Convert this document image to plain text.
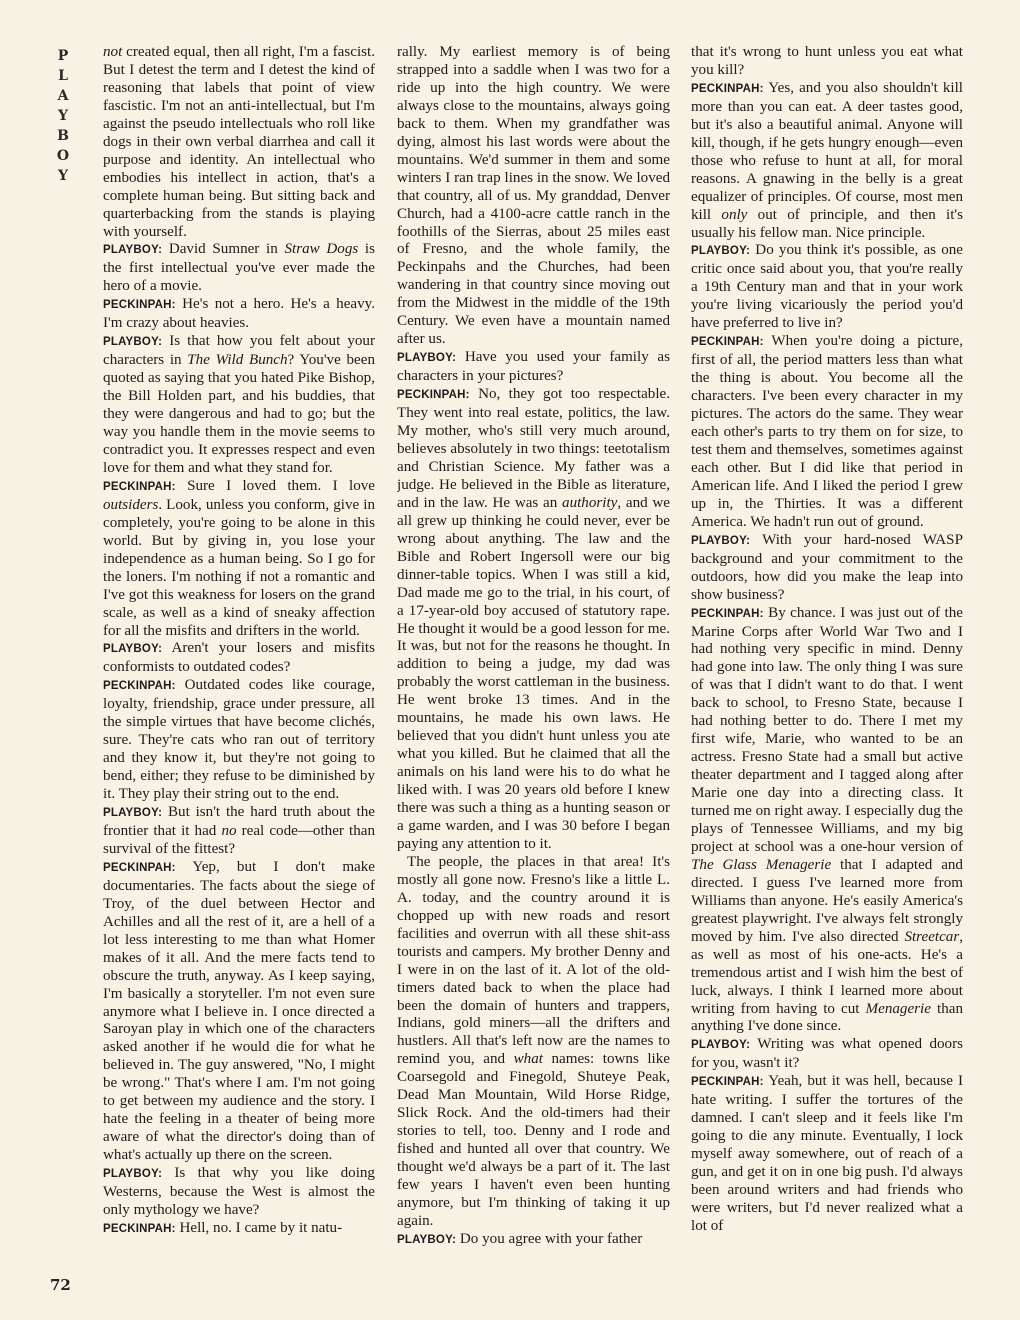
P
L
A
Y
B
O
Y

not created equal, then all right, I'm a fascist. But I detest the term and I detest the kind of reasoning that labels that point of view fascistic. I'm not an anti-intellectual, but I'm against the pseudo intellectuals who roll like dogs in their own verbal diarrhea and call it purpose and identity. An intellectual who embodies his intellect in action, that's a complete human being. But sitting back and quarterbacking from the stands is playing with yourself.

PLAYBOY: David Sumner in Straw Dogs is the first intellectual you've ever made the hero of a movie.

PECKINPAH: He's not a hero. He's a heavy. I'm crazy about heavies.

PLAYBOY: Is that how you felt about your characters in The Wild Bunch? You've been quoted as saying that you hated Pike Bishop, the Bill Holden part, and his buddies, that they were dangerous and had to go; but the way you handle them in the movie seems to contradict you. It expresses respect and even love for them and what they stand for.

PECKINPAH: Sure I loved them. I love outsiders. Look, unless you conform, give in completely, you're going to be alone in this world. But by giving in, you lose your independence as a human being. So I go for the loners. I'm nothing if not a romantic and I've got this weakness for losers on the grand scale, as well as a kind of sneaky affection for all the misfits and drifters in the world.

PLAYBOY: Aren't your losers and misfits conformists to outdated codes?

PECKINPAH: Outdated codes like courage, loyalty, friendship, grace under pressure, all the simple virtues that have become clichés, sure. They're cats who ran out of territory and they know it, but they're not going to bend, either; they refuse to be diminished by it. They play their string out to the end.

PLAYBOY: But isn't the hard truth about the frontier that it had no real code—other than survival of the fittest?

PECKINPAH: Yep, but I don't make documentaries. The facts about the siege of Troy, of the duel between Hector and Achilles and all the rest of it, are a hell of a lot less interesting to me than what Homer makes of it all. And the mere facts tend to obscure the truth, anyway. As I keep saying, I'm basically a storyteller. I'm not even sure anymore what I believe in. I once directed a Saroyan play in which one of the characters asked another if he would die for what he believed in. The guy answered, "No, I might be wrong." That's where I am. I'm not going to get between my audience and the story. I hate the feeling in a theater of being more aware of what the director's doing than of what's actually up there on the screen.

PLAYBOY: Is that why you like doing Westerns, because the West is almost the only mythology we have?

PECKINPAH: Hell, no. I came by it natu-

rally. My earliest memory is of being strapped into a saddle when I was two for a ride up into the high country. We were always close to the mountains, always going back to them. When my grandfather was dying, almost his last words were about the mountains. We'd summer in them and some winters I ran trap lines in the snow. We loved that country, all of us. My granddad, Denver Church, had a 4100-acre cattle ranch in the foothills of the Sierras, about 25 miles east of Fresno, and the whole family, the Peckinpahs and the Churches, had been wandering in that country since moving out from the Midwest in the middle of the 19th Century. We even have a mountain named after us.

PLAYBOY: Have you used your family as characters in your pictures?

PECKINPAH: No, they got too respectable. They went into real estate, politics, the law. My mother, who's still very much around, believes absolutely in two things: teetotalism and Christian Science. My father was a judge. He believed in the Bible as literature, and in the law. He was an authority, and we all grew up thinking he could never, ever be wrong about anything. The law and the Bible and Robert Ingersoll were our big dinner-table topics. When I was still a kid, Dad made me go to the trial, in his court, of a 17-year-old boy accused of statutory rape. He thought it would be a good lesson for me. It was, but not for the reasons he thought. In addition to being a judge, my dad was probably the worst cattleman in the business. He went broke 13 times. And in the mountains, he made his own laws. He believed that you didn't hunt unless you ate what you killed. But he claimed that all the animals on his land were his to do what he liked with. I was 20 years old before I knew there was such a thing as a hunting season or a game warden, and I was 30 before I began paying any attention to it.

The people, the places in that area! It's mostly all gone now. Fresno's like a little L. A. today, and the country around it is chopped up with new roads and resort facilities and overrun with all these shit-ass tourists and campers. My brother Denny and I were in on the last of it. A lot of the old-timers dated back to when the place had been the domain of hunters and trappers, Indians, gold miners—all the drifters and hustlers. All that's left now are the names to remind you, and what names: towns like Coarsegold and Finegold, Shuteye Peak, Dead Man Mountain, Wild Horse Ridge, Slick Rock. And the old-timers had their stories to tell, too. Denny and I rode and fished and hunted all over that country. We thought we'd always be a part of it. The last few years I haven't even been hunting anymore, but I'm thinking of taking it up again.

PLAYBOY: Do you agree with your father

that it's wrong to hunt unless you eat what you kill?

PECKINPAH: Yes, and you also shouldn't kill more than you can eat. A deer tastes good, but it's also a beautiful animal. Anyone will kill, though, if he gets hungry enough—even those who refuse to hunt at all, for moral reasons. A gnawing in the belly is a great equalizer of principles. Of course, most men kill only out of principle, and then it's usually his fellow man. Nice principle.

PLAYBOY: Do you think it's possible, as one critic once said about you, that you're really a 19th Century man and that in your work you're living vicariously the period you'd have preferred to live in?

PECKINPAH: When you're doing a picture, first of all, the period matters less than what the thing is about. You become all the characters. I've been every character in my pictures. The actors do the same. They wear each other's parts to try them on for size, to test them and themselves, sometimes against each other. But I did like that period in American life. And I liked the period I grew up in, the Thirties. It was a different America. We hadn't run out of ground.

PLAYBOY: With your hard-nosed WASP background and your commitment to the outdoors, how did you make the leap into show business?

PECKINPAH: By chance. I was just out of the Marine Corps after World War Two and I had nothing very specific in mind. Denny had gone into law. The only thing I was sure of was that I didn't want to do that. I went back to school, to Fresno State, because I had nothing better to do. There I met my first wife, Marie, who wanted to be an actress. Fresno State had a small but active theater department and I tagged along after Marie one day into a directing class. It turned me on right away. I especially dug the plays of Tennessee Williams, and my big project at school was a one-hour version of The Glass Menagerie that I adapted and directed. I guess I've learned more from Williams than anyone. He's easily America's greatest playwright. I've always felt strongly moved by him. I've also directed Streetcar, as well as most of his one-acts. He's a tremendous artist and I wish him the best of luck, always. I think I learned more about writing from having to cut Menagerie than anything I've done since.

PLAYBOY: Writing was what opened doors for you, wasn't it?

PECKINPAH: Yeah, but it was hell, because I hate writing. I suffer the tortures of the damned. I can't sleep and it feels like I'm going to die any minute. Eventually, I lock myself away somewhere, out of reach of a gun, and get it on in one big push. I'd always been around writers and had friends who were writers, but I'd never realized what a lot of

72
